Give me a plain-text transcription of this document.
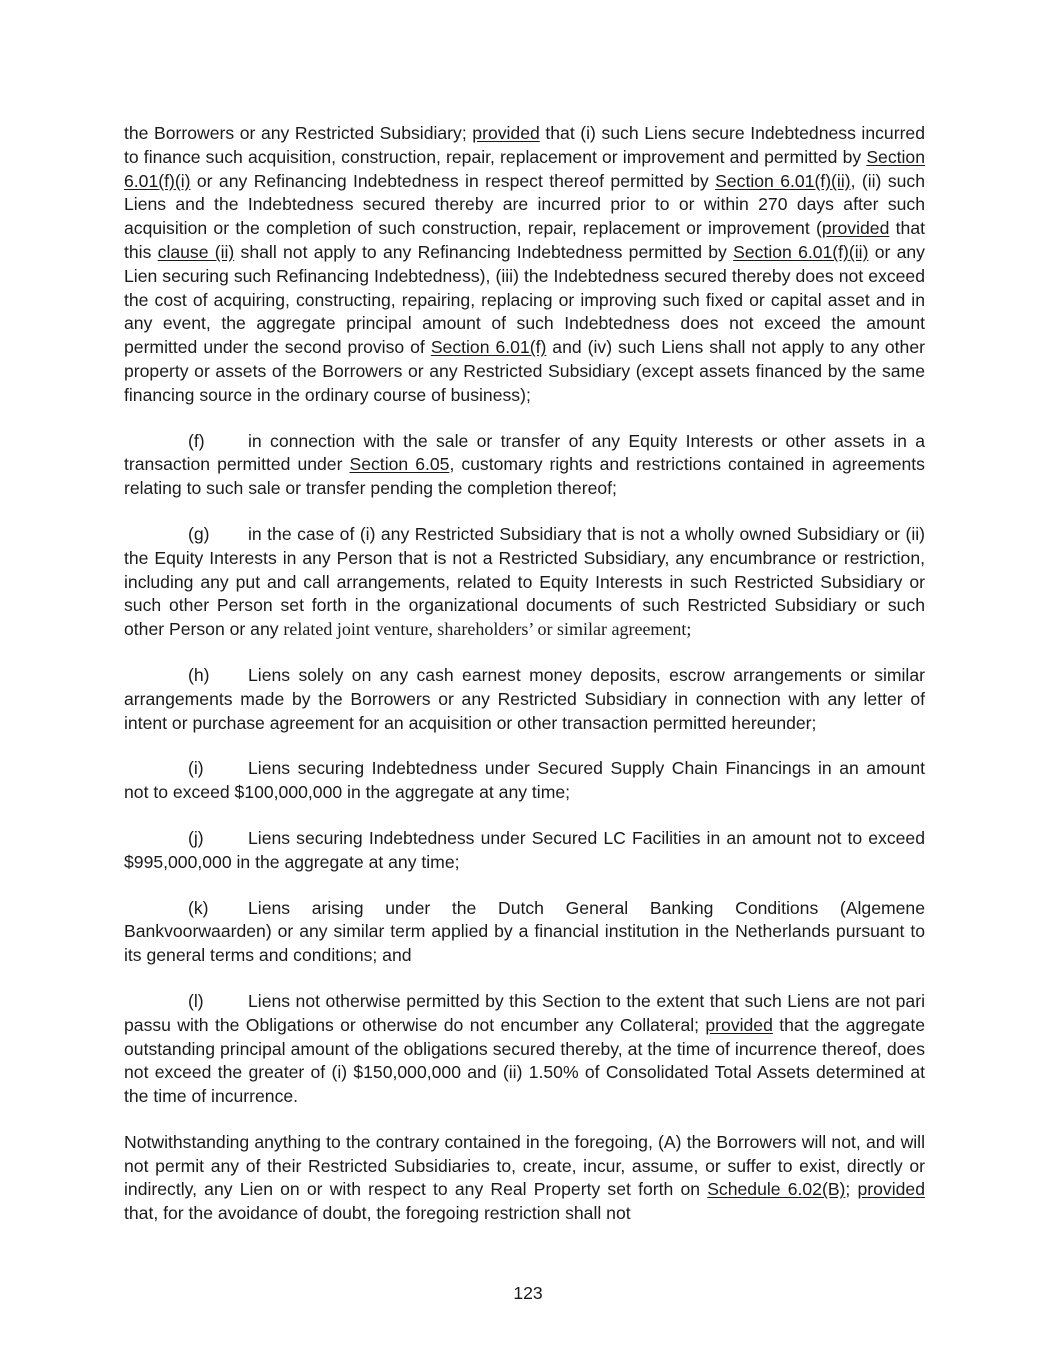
the Borrowers or any Restricted Subsidiary; provided that (i) such Liens secure Indebtedness incurred to finance such acquisition, construction, repair, replacement or improvement and permitted by Section 6.01(f)(i) or any Refinancing Indebtedness in respect thereof permitted by Section 6.01(f)(ii), (ii) such Liens and the Indebtedness secured thereby are incurred prior to or within 270 days after such acquisition or the completion of such construction, repair, replacement or improvement (provided that this clause (ii) shall not apply to any Refinancing Indebtedness permitted by Section 6.01(f)(ii) or any Lien securing such Refinancing Indebtedness), (iii) the Indebtedness secured thereby does not exceed the cost of acquiring, constructing, repairing, replacing or improving such fixed or capital asset and in any event, the aggregate principal amount of such Indebtedness does not exceed the amount permitted under the second proviso of Section 6.01(f) and (iv) such Liens shall not apply to any other property or assets of the Borrowers or any Restricted Subsidiary (except assets financed by the same financing source in the ordinary course of business);

(f) in connection with the sale or transfer of any Equity Interests or other assets in a transaction permitted under Section 6.05, customary rights and restrictions contained in agreements relating to such sale or transfer pending the completion thereof;

(g) in the case of (i) any Restricted Subsidiary that is not a wholly owned Subsidiary or (ii) the Equity Interests in any Person that is not a Restricted Subsidiary, any encumbrance or restriction, including any put and call arrangements, related to Equity Interests in such Restricted Subsidiary or such other Person set forth in the organizational documents of such Restricted Subsidiary or such other Person or any related joint venture, shareholders’ or similar agreement;

(h) Liens solely on any cash earnest money deposits, escrow arrangements or similar arrangements made by the Borrowers or any Restricted Subsidiary in connection with any letter of intent or purchase agreement for an acquisition or other transaction permitted hereunder;

(i)	Liens securing Indebtedness under Secured Supply Chain Financings in an amount not to exceed $100,000,000 in the aggregate at any time;

(j)	Liens securing Indebtedness under Secured LC Facilities in an amount not to exceed $995,000,000 in the aggregate at any time;

(k) Liens arising under the Dutch General Banking Conditions (Algemene Bankvoorwaarden) or any similar term applied by a financial institution in the Netherlands pursuant to its general terms and conditions; and

(l)	Liens not otherwise permitted by this Section to the extent that such Liens are not pari passu with the Obligations or otherwise do not encumber any Collateral; provided that the aggregate outstanding principal amount of the obligations secured thereby, at the time of incurrence thereof, does not exceed the greater of (i) $150,000,000 and (ii) 1.50% of Consolidated Total Assets determined at the time of incurrence.

Notwithstanding anything to the contrary contained in the foregoing, (A) the Borrowers will not, and will not permit any of their Restricted Subsidiaries to, create, incur, assume, or suffer to exist, directly or indirectly, any Lien on or with respect to any Real Property set forth on Schedule 6.02(B); provided that, for the avoidance of doubt, the foregoing restriction shall not

123
